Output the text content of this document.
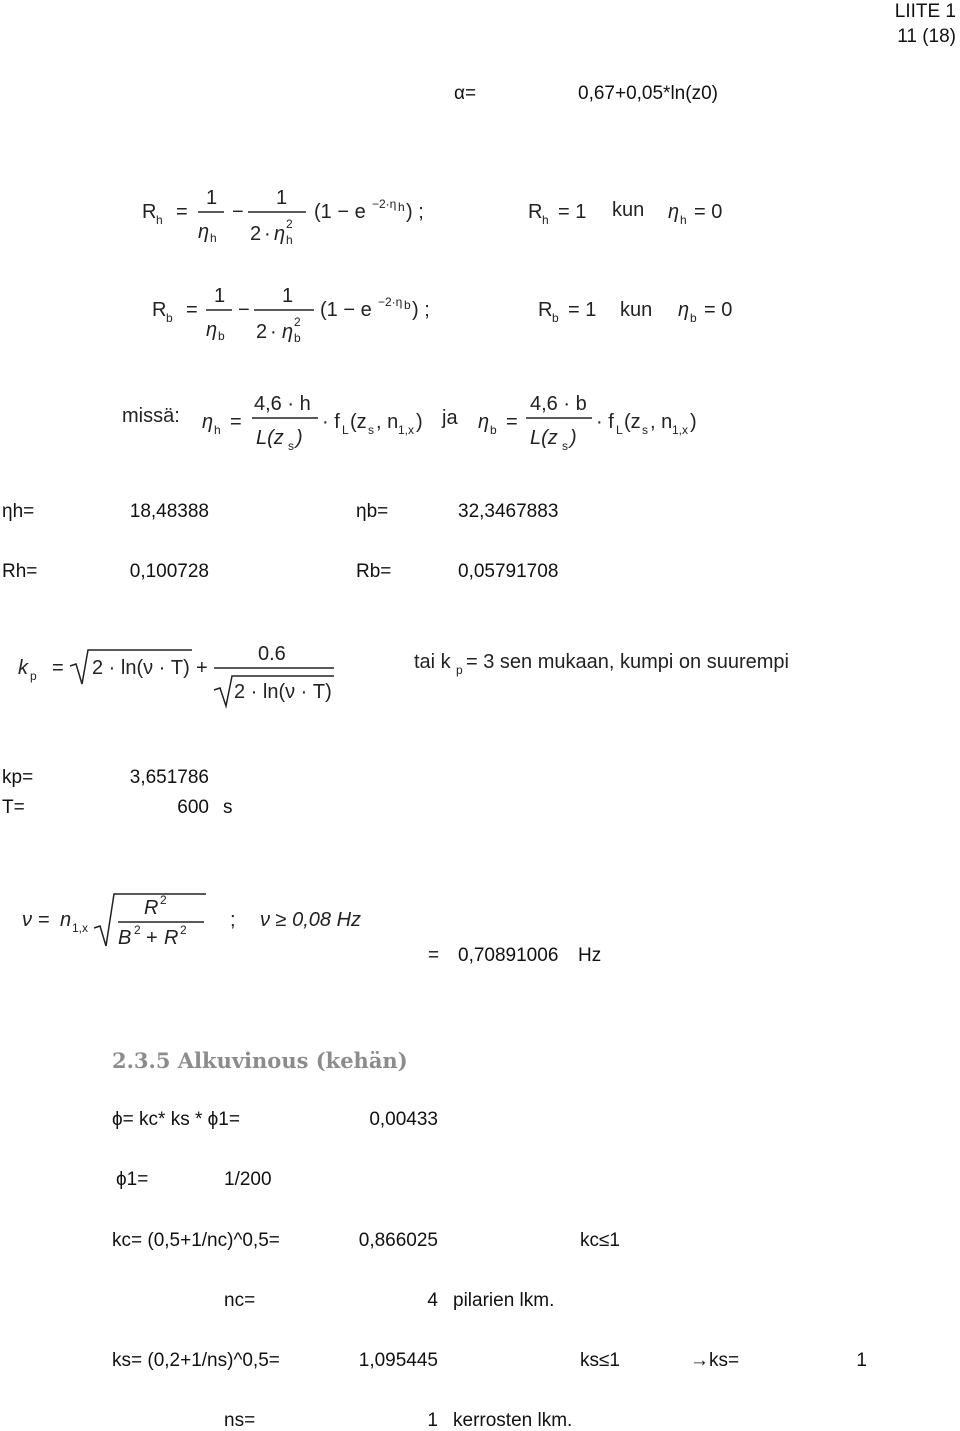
LIITE 1
11 (18)
α=	0,67+0,05*ln(z0)
R h =
1
η h
−
1
2 · η 2
h
(1 − e −2·η h ) ;	R h = 1 kun η h = 0
R b =
1
η b
−
1
2 · η 2
b
(1 − e −2·η b ) ;	R b = 1 kun η b = 0
missä: η h =
4,6 · h
L(z s )
· f L (z s , n 1,x ) ja η b =
4,6 · b
L(z s )
· f L (z s , n 1,x )
ηh=	18,48388	ηb=	32,3467883
Rh=	0,100728	Rb=	0,05791708
k p = 2 · ln(ν · T) +
0.6
2 · ln(ν · T)
tai k p = 3 sen mukaan, kumpi on suurempi
kp=	3,651786
T=	600 s
ν = n 1,x
R 2
B 2 + R 2 ; ν ≥ 0,08 Hz
= 0,70891006 Hz
2.3.5 Alkuvinous (kehän)
ϕ= kc* ks * ϕ1=	0,00433
ϕ1=	1/200
kc= (0,5+1/nc)^0,5=	0,866025	kc≤1
nc=	4 pilarien lkm.
ks= (0,2+1/ns)^0,5=	1,095445	ks≤1	→ks=	1
ns=	1 kerrosten lkm.
